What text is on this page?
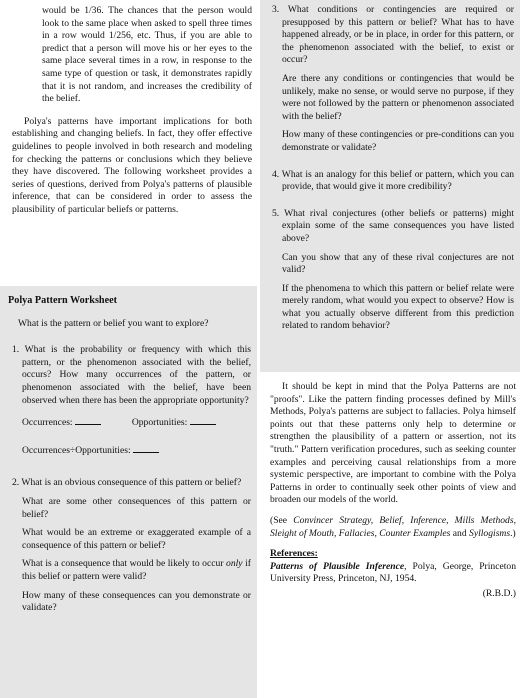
would be 1/36. The chances that the person would look to the same place when asked to spell three times in a row would 1/256, etc. Thus, if you are able to predict that a person will move his or her eyes to the same place several times in a row, in response to the same type of question or task, it demonstrates rapidly that it is not random, and increases the credibility of the belief.

Polya's patterns have important implications for both establishing and changing beliefs. In fact, they offer effective guidelines to people involved in both research and modeling for checking the patterns or conclusions which they believe they have discovered. The following worksheet provides a series of questions, derived from Polya's patterns of plausible inference, that can be considered in order to assess the plausibility of particular beliefs or patterns.

Polya Pattern Worksheet

What is the pattern or belief you want to explore?

1. What is the probability or frequency with which this pattern, or the phenomenon associated with the belief, occurs? How many occurrences of the pattern, or phenomenon associated with the belief, have been observed when there has been the appropriate opportunity?

Occurrences:	Opportunities:
Occurrences÷Opportunities:

2. What is an obvious consequence of this pattern or belief?

What are some other consequences of this pattern or belief?

What would be an extreme or exaggerated example of a consequence of this pattern or belief?

What is a consequence that would be likely to occur only if this belief or pattern were valid?

How many of these consequences can you demonstrate or validate?

3. What conditions or contingencies are required or presupposed by this pattern or belief? What has to have happened already, or be in place, in order for this pattern, or the phenomenon associated with the belief, to exist or occur?

Are there any conditions or contingencies that would be unlikely, make no sense, or would serve no purpose, if they were not followed by the pattern or phenomenon associated with the belief?

How many of these contingencies or pre-conditions can you demonstrate or validate?

4. What is an analogy for this belief or pattern, which you can provide, that would give it more credibility?

5. What rival conjectures (other beliefs or patterns) might explain some of the same consequences you have listed above?

Can you show that any of these rival conjectures are not valid?

If the phenomena to which this pattern or belief relate were merely random, what would you expect to observe? How is what you actually observe different from this prediction related to random behavior?

It should be kept in mind that the Polya Patterns are not "proofs". Like the pattern finding processes defined by Mill's Methods, Polya's patterns are subject to fallacies. Polya himself points out that these patterns only help to determine or strengthen the plausibility of a pattern or assertion, not its "truth." Pattern verification procedures, such as seeking counter examples and perceiving causal relationships from a more systemic perspective, are important to combine with the Polya Patterns in order to continually seek other points of view and broaden our models of the world.

(See Convincer Strategy, Belief, Inference, Mills Methods, Sleight of Mouth, Fallacies, Counter Examples and Syllogisms.)

References:

Patterns of Plausible Inference, Polya, George, Princeton University Press, Princeton, NJ, 1954.

(R.B.D.)
